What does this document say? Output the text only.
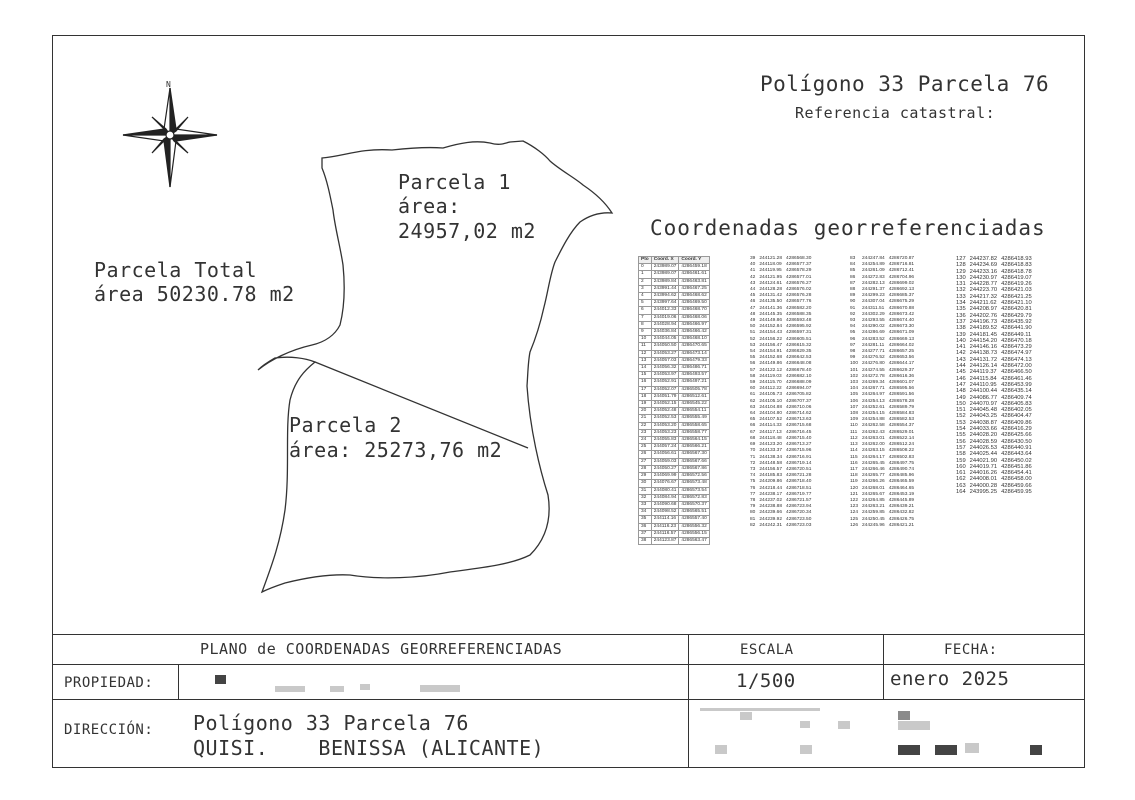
N	Polígono 33 Parcela 76
Referencia catastral:
Parcela 1
área:
24957,02 m2
Parcela Total
área 50230.78 m2
Parcela 2
área: 25273,76 m2
Coordenadas georreferenciadas
Pto	Coord. X	Coord. Y
0	243989.07	4286459.18
1	243989.07	4286461.61
2	243989.84	4286463.81
3	243991.44	4286467.25
4	243994.62	4286468.62
5	243997.64	4286469.50
6	244012.33	4286468.70
7	244019.06	4286468.06
8	244028.94	4286466.97
9	244036.84	4286466.42
10	244044.05	4286468.10
11	244050.50	4286470.65
12	244053.27	4286473.14
13	244057.03	4286479.33
14	244056.32	4286486.71
15	244053.97	4286493.57
16	244052.91	4286497.21
17	244052.07	4286505.78
18	244051.79	4286512.61
19	244052.15	4286545.22
20	244052.48	4286554.11
21	244052.53	4286555.49
22	244053.20	4286558.65
23	244053.23	4286558.77
24	244055.83	4286564.15
25	244057.24	4286566.21
26	244056.61	4286567.30
27	244059.03	4286567.66
28	244050.27	4286567.86
29	244069.99	4286572.56
30	244076.67	4286573.48
31	244080.41	4286573.54
32	244084.94	4286572.83
33	244090.68	4286570.37
34	244098.52	4286565.51
35	244114.16	4286557.40
36	244116.23	4286556.32
37	244116.57	4286556.15
38	244123.87	4286563.47
39	244121.28	4286568.30
40	244118.09	4286577.37
41	244119.95	4286578.29
42	244121.95	4286577.01
43	244124.61	4286576.27
44	244128.28	4286576.02
45	244131.42	4286576.28
46	244135.50	4286577.76
47	244141.36	4286582.20
48	244145.35	4286588.35
49	244149.86	4286593.48
50	244152.84	4286595.92
51	244154.43	4286597.31
52	244156.22	4286605.51
53	244156.47	4286615.32
54	244154.91	4286629.35
55	244152.68	4286642.53
56	244149.86	4286648.08
57	244122.12	4286678.40
58	244119.03	4286682.10
59	244115.70	4286688.09
60	244112.22	4286694.07
61	244105.73	4286705.82
62	244105.10	4286707.37
63	244104.88	4286710.06
64	244104.80	4286714.62
65	244107.52	4286713.63
66	244114.33	4286715.68
67	244117.13	4286716.45
68	244118.48	4286715.40
69	244123.20	4286713.27
70	244133.37	4286715.96
71	244138.34	4286716.91
72	244148.58	4286719.14
73	244156.57	4286720.51
74	244185.83	4286721.28
75	244209.86	4286718.40
76	244218.44	4286718.51
77	244238.17	4286719.77
78	244237.02	4286721.57
79	244238.88	4286723.94
80	244239.66	4286720.34
81	244239.92	4286723.50
82	244242.31	4286723.03
83	244247.84	4286720.87
84	244254.89	4286716.81
85	244261.09	4286712.41
86	244272.83	4286704.96
87	244282.13	4286699.02
88	244291.37	4286692.13
89	244299.23	4286685.37
90	244307.04	4286675.29
91	244311.51	4286670.88
92	244302.29	4286673.42
93	244293.55	4286674.40
94	244290.02	4286673.30
95	244286.69	4286671.09
96	244283.52	4286669.13
97	244281.11	4286664.02
98	244277.71	4286657.25
99	244276.52	4286653.56
100	244276.80	4286644.17
101	244274.55	4286629.37
102	244272.78	4286616.36
103	244269.34	4286601.07
104	244267.71	4286595.56
105	244264.97	4286591.56
106	244254.13	4286578.28
107	244252.61	4286589.79
108	244254.15	4286584.83
109	244254.88	4286582.53
110	244262.58	4286554.37
111	244262.43	4286529.01
112	244263.01	4286522.14
113	244262.00	4286512.24
114	244263.15	4286508.22
115	244264.17	4286502.83
116	244265.45	4286497.75
117	244266.46	4286490.74
118	244265.77	4286485.96
119	244266.26	4286465.59
120	244268.01	4286464.65
121	244265.67	4286453.19
122	244264.85	4286445.89
123	244263.21	4286439.21
124	244259.85	4286432.82
125	244250.45	4286426.75
126	244245.96	4286421.21
127	244237.82	4286418.93
128	244234.69	4286418.83
129	244233.16	4286418.78
130	244230.97	4286419.07
131	244228.77	4286419.26
132	244223.70	4286421.03
133	244217.32	4286421.25
134	244211.62	4286421.10
135	244208.97	4286420.81
136	244202.76	4286429.79
137	244196.73	4286435.92
138	244189.52	4286441.90
139	244181.45	4286449.11
140	244154.20	4286470.18
141	244146.16	4286473.29
142	244138.73	4286474.97
143	244131.72	4286474.13
144	244126.14	4286472.00
145	244119.37	4286466.50
146	244115.84	4286461.46
147	244110.95	4286453.99
148	244100.44	4286435.14
149	244086.77	4286409.74
150	244070.97	4286405.83
151	244045.48	4286402.05
152	244043.25	4286404.47
153	244038.87	4286409.86
154	244033.66	4286416.29
155	244028.20	4286425.66
156	244028.59	4286430.50
157	244026.53	4286440.91
158	244025.44	4286443.64
159	244021.90	4286450.02
160	244019.71	4286451.86
161	244016.26	4286454.41
162	244008.01	4286458.00
163	244000.28	4286459.66
164	243995.25	4286459.95
PLANO de COORDENADAS GEORREFERENCIADAS
PROPIEDAD:
ESCALA
1/500
FECHA:
enero 2025
DIRECCIÓN: Polígono 33 Parcela 76
QUISI.    BENISSA (ALICANTE)
